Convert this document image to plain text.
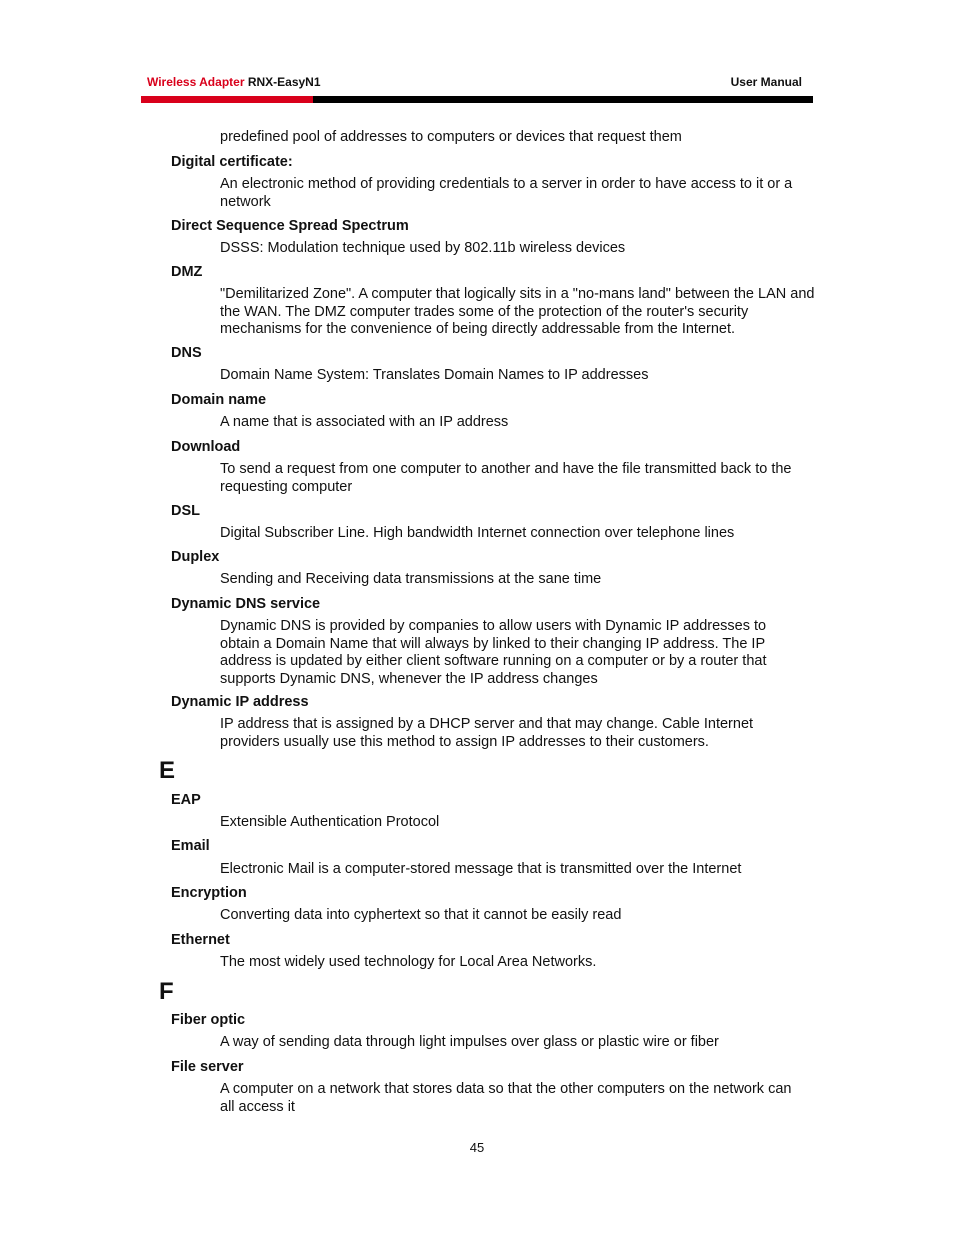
Wireless Adapter RNX-EasyN1	User Manual

predefined pool of addresses to computers or devices that request them

Digital certificate:

An electronic method of providing credentials to a server in order to have access to it or a network

Direct Sequence Spread Spectrum

DSSS: Modulation technique used by 802.11b wireless devices

DMZ

"Demilitarized Zone". A computer that logically sits in a "no-mans land" between the LAN and the WAN. The DMZ computer trades some of the protection of the router's security mechanisms for the convenience of being directly addressable from the Internet.

DNS

Domain Name System: Translates Domain Names to IP addresses

Domain name

A name that is associated with an IP address

Download

To send a request from one computer to another and have the file transmitted back to the requesting computer

DSL

Digital Subscriber Line. High bandwidth Internet connection over telephone lines

Duplex

Sending and Receiving data transmissions at the sane time

Dynamic DNS service

Dynamic DNS is provided by companies to allow users with Dynamic IP addresses to obtain a Domain Name that will always by linked to their changing IP address. The IP address is updated by either client software running on a computer or by a router that supports Dynamic DNS, whenever the IP address changes

Dynamic IP address

IP address that is assigned by a DHCP server and that may change. Cable Internet providers usually use this method to assign IP addresses to their customers.

E

EAP

Extensible Authentication Protocol

Email

Electronic Mail is a computer-stored message that is transmitted over the Internet

Encryption

Converting data into cyphertext so that it cannot be easily read

Ethernet

The most widely used technology for Local Area Networks.

F

Fiber optic

A way of sending data through light impulses over glass or plastic wire or fiber

File server

A computer on a network that stores data so that the other computers on the network can all access it

45
